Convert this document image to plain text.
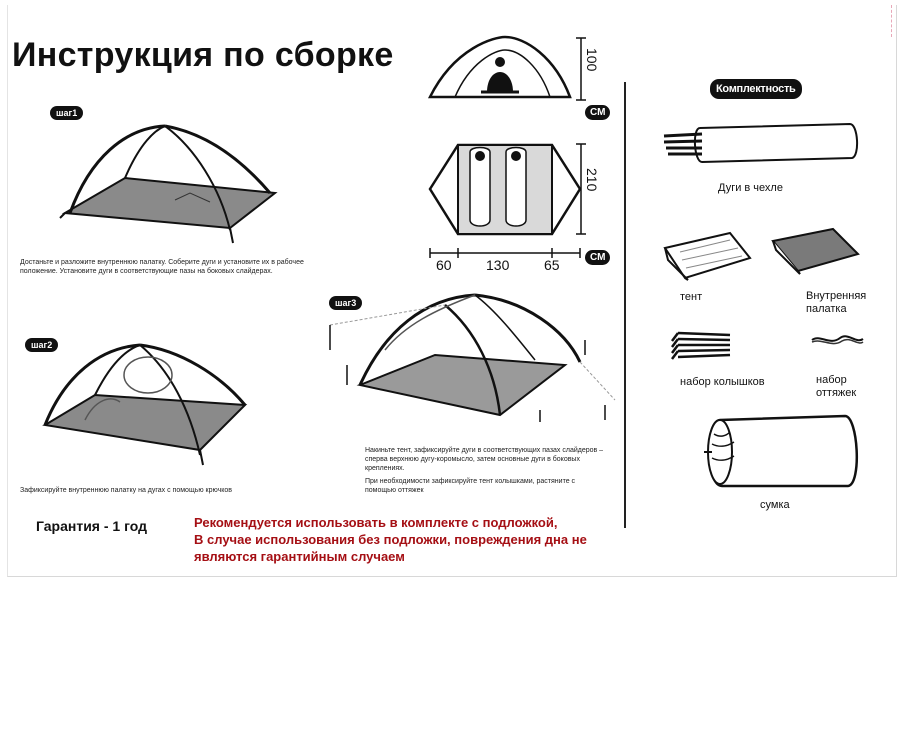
Инструкция по сборке
шаг1
Достаньте и разложите внутреннюю палатку. Соберите дуги и установите их в рабочее положение. Установите дуги в соответствующие пазы на боковых слайдерах.
шаг2
Зафиксируйте внутреннюю палатку на дугах с помощью крючков
шаг3
Накиньте тент, зафиксируйте дуги в соответствующих пазах слайдеров – сперва верхнюю дугу-коромысло, затем основные дуги в боковых креплениях.
При необходимости зафиксируйте тент колышками, растяните с помощью оттяжек
100
СМ
210
60 130 65	СМ
Комплектность
Дуги в чехле
тент	Внутренняя палатка
набор колышков	набор оттяжек
сумка
Гарантия - 1 год	Рекомендуется использовать в комплекте с подложкой,
В случае использования без подложки, повреждения дна не
являются гарантийным случаем
